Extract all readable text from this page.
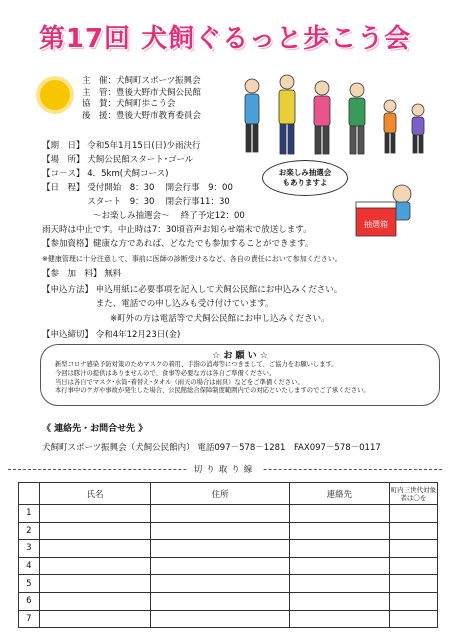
第17回 犬飼ぐるっと歩こう会
主　催：犬飼町スポーツ振興会
主　管：豊後大野市犬飼公民館
協　賛：犬飼町歩こう会
後　援：豊後大野市教育委員会
【期　日】 令和5年1月15日(日)少雨決行
【場　所】 犬飼公民館スタート･ゴール
【コ－ス】 4．5km(犬飼コース)
【日　程】 受付開始　8：30　 開会行事　9：00
　　　　　 スタート　9：30　 閉会行事11：30
　　　　　　～お楽しみ抽選会～　 終了予定12：00
雨天時は中止です。中止時は7：30頃音声お知らせ端末で放送します。
【参加資格】健康な方であれば、どなたでも参加することができます。
※健康管理に十分注意して、事前に医師の診断受けるなど、各自の責任において参加ください。
【参　加　料】 無料
【申込方法】 申込用紙に必要事項を記入して犬飼公民館にお申込みください。
　　　　　　 また、電話での申し込みも受け付けています。
　　　　　　　　※町外の方は電話等で犬飼公民館にお申し込みください。
【申込締切】 令和4年12月23日(金)
お楽しみ抽選会
もありますよ
抽選箱
☆ お 願 い ☆
新型コロナ感染予防対策のためマスクの着用、手指の消毒等につきまして、ご協力をお願いします。
今回は豚汁の提供はありませんので、食事等必要な方は各自ご準備ください。
当日は各自でマスク･水筒･着替え･タオル（雨天の場合は雨具）などをご準備ください。
本行事中のケガや事故が発生した場合、公民館総合保障制度範囲内での対応といたしますのでご了承ください。
《 連絡先・お問合せ先 》
犬飼町スポーツ振興会（犬飼公民館内） 電話097－578－1281　FAX097－578－0117
切り取り線
	氏名	住所	連絡先	町内三世代対象者は〇を
1				
2				
3				
4				
5				
6				
7				
